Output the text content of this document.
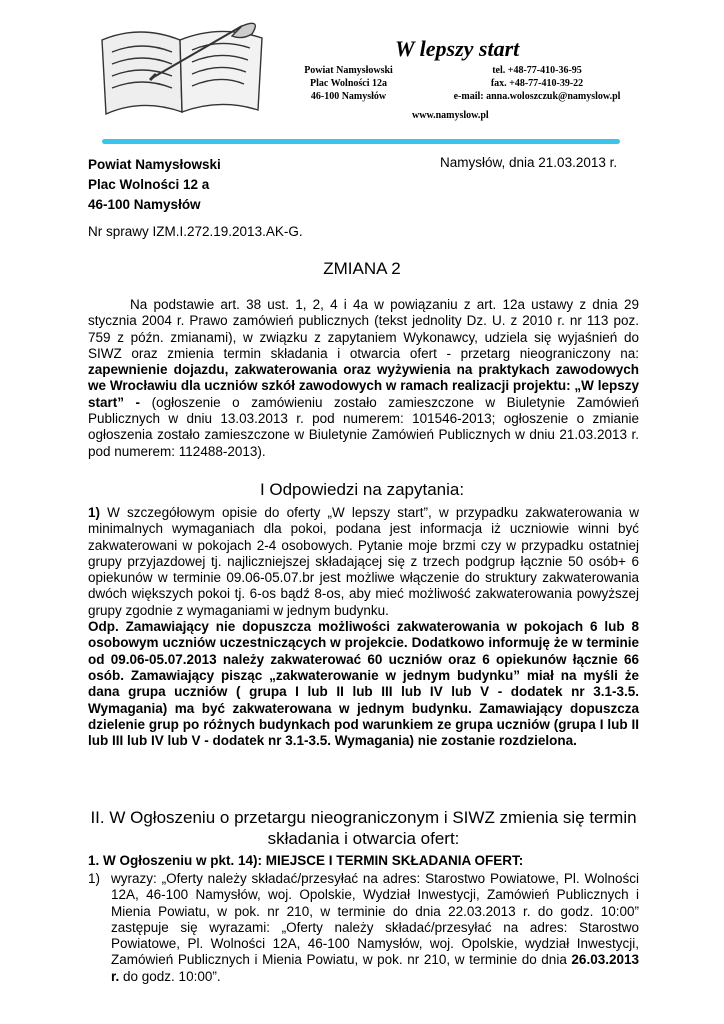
W lepszy start
Powiat Namysłowski
Plac Wolności 12a
46-100 Namysłów
tel. +48-77-410-36-95
fax. +48-77-410-39-22
e-mail: anna.woloszczuk@namyslow.pl
www.namyslow.pl
Powiat Namysłowski
Plac Wolności 12 a
46-100 Namysłów
Namysłów, dnia 21.03.2013 r.
Nr sprawy IZM.I.272.19.2013.AK-G.
ZMIANA 2
Na podstawie art. 38 ust. 1, 2, 4 i 4a w powiązaniu z art. 12a ustawy z dnia 29 stycznia 2004 r. Prawo zamówień publicznych (tekst jednolity Dz. U. z 2010 r. nr 113 poz. 759 z późn. zmianami), w związku z zapytaniem Wykonawcy, udziela się wyjaśnień do SIWZ oraz zmienia termin składania i otwarcia ofert - przetarg nieograniczony na: zapewnienie dojazdu, zakwaterowania oraz wyżywienia na praktykach zawodowych we Wrocławiu dla uczniów szkół zawodowych w ramach realizacji projektu: „W lepszy start” - (ogłoszenie o zamówieniu zostało zamieszczone w Biuletynie Zamówień Publicznych w dniu 13.03.2013 r. pod numerem: 101546-2013; ogłoszenie o zmianie ogłoszenia zostało zamieszczone w Biuletynie Zamówień Publicznych w dniu 21.03.2013 r. pod numerem: 112488-2013).
I Odpowiedzi na zapytania:
1) W szczegółowym opisie do oferty „W lepszy start”, w przypadku zakwaterowania w minimalnych wymaganiach dla pokoi, podana jest informacja iż uczniowie winni być zakwaterowani w pokojach 2-4 osobowych. Pytanie moje brzmi czy w przypadku ostatniej grupy przyjazdowej tj. najliczniejszej składającej się z trzech podgrup łącznie 50 osób+ 6 opiekunów w terminie 09.06-05.07.br jest możliwe włączenie do struktury zakwaterowania dwóch większych pokoi tj. 6-os bądź 8-os, aby mieć możliwość zakwaterowania powyższej grupy zgodnie z wymaganiami w jednym budynku.
Odp. Zamawiający nie dopuszcza możliwości zakwaterowania w pokojach 6 lub 8 osobowym uczniów uczestniczących w projekcie. Dodatkowo informuję że w terminie od 09.06-05.07.2013 należy zakwaterować 60 uczniów oraz 6 opiekunów łącznie 66 osób. Zamawiający pisząc „zakwaterowanie w jednym budynku” miał na myśli że dana grupa uczniów ( grupa I lub II lub III lub IV lub V - dodatek nr 3.1-3.5. Wymagania) ma być zakwaterowana w jednym budynku. Zamawiający dopuszcza dzielenie grup po różnych budynkach pod warunkiem ze grupa uczniów (grupa I lub II lub III lub IV lub V - dodatek nr 3.1-3.5. Wymagania) nie zostanie rozdzielona.
II. W Ogłoszeniu o przetargu nieograniczonym i SIWZ zmienia się termin składania i otwarcia ofert:
1. W Ogłoszeniu w pkt. 14): MIEJSCE I TERMIN SKŁADANIA OFERT:
1) wyrazy: „Oferty należy składać/przesyłać na adres: Starostwo Powiatowe, Pl. Wolności 12A, 46-100 Namysłów, woj. Opolskie, Wydział Inwestycji, Zamówień Publicznych i Mienia Powiatu, w pok. nr 210, w terminie do dnia 22.03.2013 r. do godz. 10:00” zastępuje się wyrazami: „Oferty należy składać/przesyłać na adres: Starostwo Powiatowe, Pl. Wolności 12A, 46-100 Namysłów, woj. Opolskie, wydział Inwestycji, Zamówień Publicznych i Mienia Powiatu, w pok. nr 210, w terminie do dnia 26.03.2013 r. do godz. 10:00”.
